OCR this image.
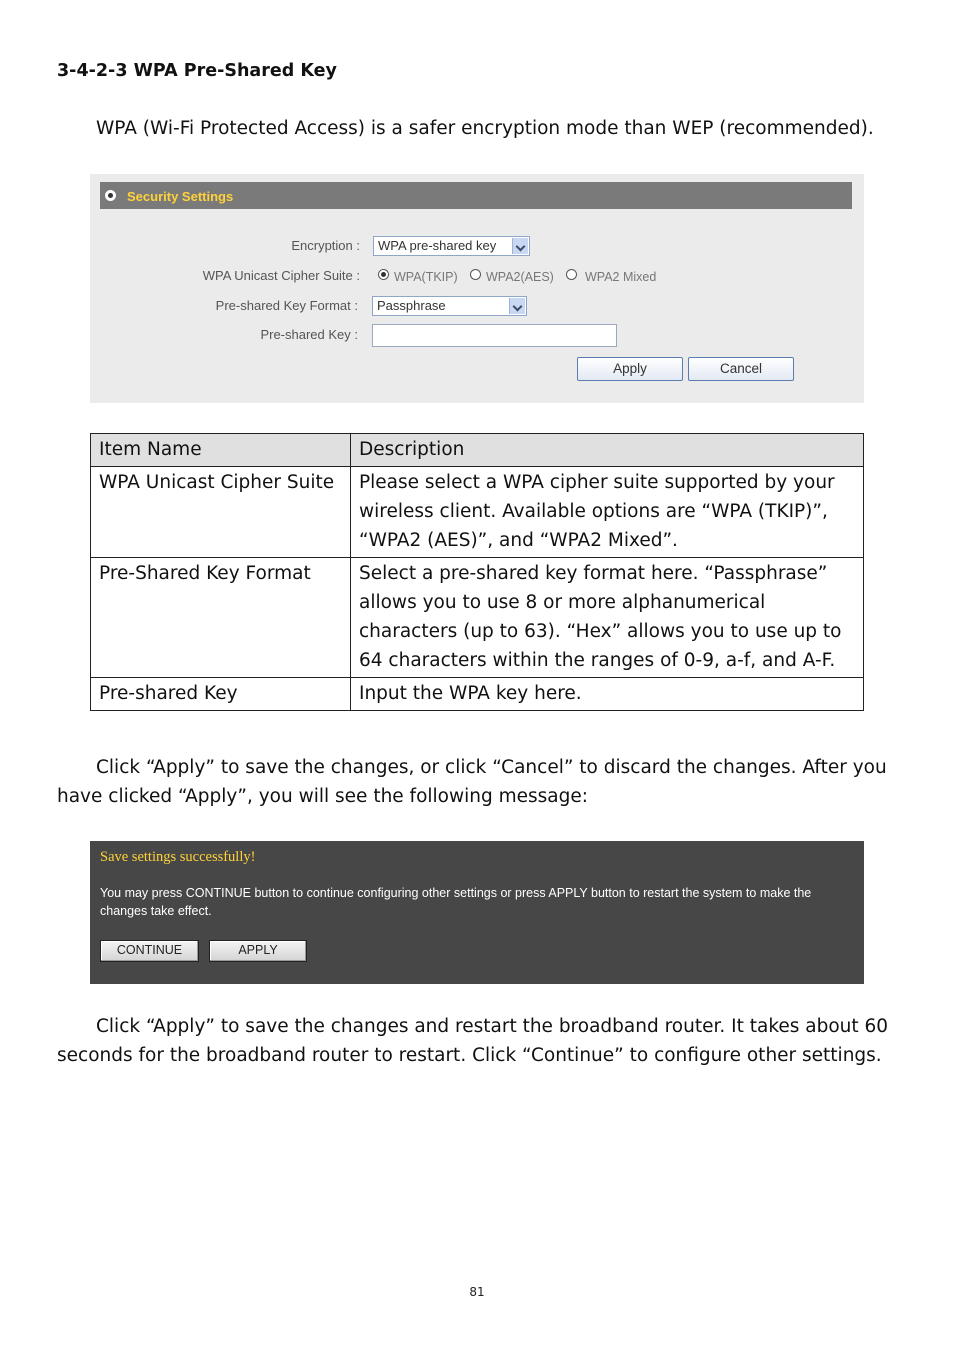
3-4-2-3 WPA Pre-Shared Key
WPA (Wi-Fi Protected Access) is a safer encryption mode than WEP (recommended).
Security Settings
Encryption :	WPA pre-shared key
WPA Unicast Cipher Suite :	WPA(TKIP) WPA2(AES) WPA2 Mixed
Pre-shared Key Format :	Passphrase
Pre-shared Key :
Apply	Cancel
Item Name	Description
WPA Unicast Cipher Suite	Please select a WPA cipher suite supported by your
wireless client. Available options are “WPA (TKIP)”,
“WPA2 (AES)”, and “WPA2 Mixed”.

Pre-Shared Key Format	Select a pre-shared key format here. “Passphrase”
allows you to use 8 or more alphanumerical
characters (up to 63). “Hex” allows you to use up to
64 characters within the ranges of 0-9, a-f, and A-F.

Pre-shared Key	Input the WPA key here.
Click “Apply” to save the changes, or click “Cancel” to discard the changes. After you
have clicked “Apply”, you will see the following message:
Save settings successfully!
You may press CONTINUE button to continue configuring other settings or press APPLY button to restart the system to make the changes take effect.
CONTINUE	APPLY
Click “Apply” to save the changes and restart the broadband router. It takes about 60
seconds for the broadband router to restart. Click “Continue” to configure other settings.
81
